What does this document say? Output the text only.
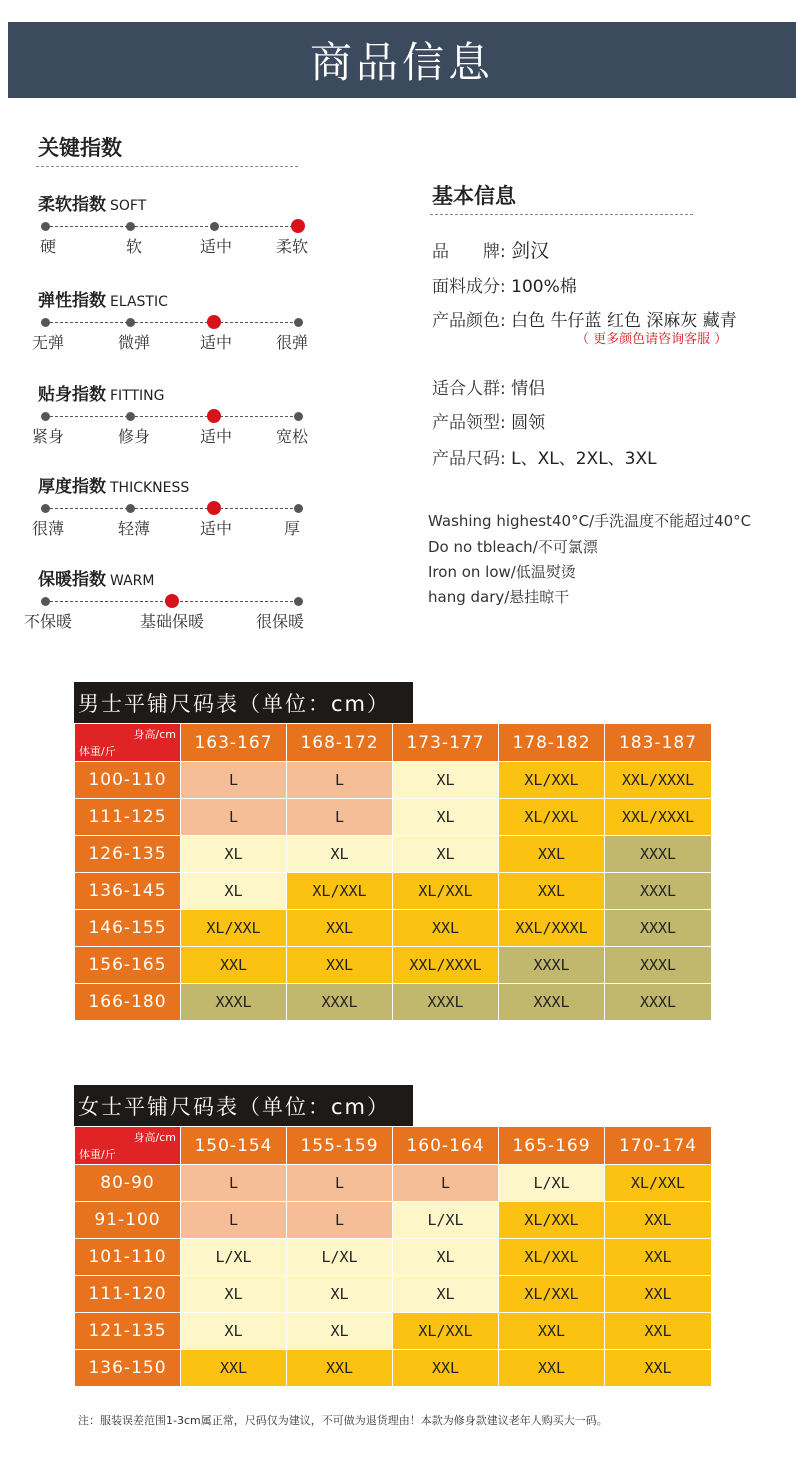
商品信息
关键指数
柔软指数 SOFT
硬	软	适中	柔软
弹性指数 ELASTIC
无弹	微弹	适中	很弹
贴身指数 FITTING
紧身	修身	适中	宽松
厚度指数 THICKNESS
很薄	轻薄	适中	厚
保暖指数 WARM
不保暖	基础保暖	很保暖
基本信息
品　　牌: 剑汉
面料成分: 100%棉
产品颜色: 白色 牛仔蓝 红色 深麻灰 藏青
（ 更多颜色请咨询客服 ）
适合人群: 情侣
产品领型: 圆领
产品尺码: L、XL、2XL、3XL
Washing highest40°C/手洗温度不能超过40°C
Do no tbleach/不可氯漂
Iron on low/低温熨烫
hang dary/悬挂晾干
男士平铺尺码表（单位：cm）
身高/cm
体重/斤	163-167	168-172	173-177	178-182	183-187
100-110	L	L	XL	XL/XXL	XXL/XXXL
111-125	L	L	XL	XL/XXL	XXL/XXXL
126-135	XL	XL	XL	XXL	XXXL
136-145	XL	XL/XXL	XL/XXL	XXL	XXXL
146-155	XL/XXL	XXL	XXL	XXL/XXXL	XXXL
156-165	XXL	XXL	XXL/XXXL	XXXL	XXXL
166-180	XXXL	XXXL	XXXL	XXXL	XXXL
女士平铺尺码表（单位：cm）
身高/cm
体重/斤	150-154	155-159	160-164	165-169	170-174
80-90	L	L	L	L/XL	XL/XXL
91-100	L	L	L/XL	XL/XXL	XXL
101-110	L/XL	L/XL	XL	XL/XXL	XXL
111-120	XL	XL	XL	XL/XXL	XXL
121-135	XL	XL	XL/XXL	XXL	XXL
136-150	XXL	XXL	XXL	XXL	XXL
注：服装误差范围1-3cm属正常，尺码仅为建议，不可做为退货理由！本款为修身款建议老年人购买大一码。
